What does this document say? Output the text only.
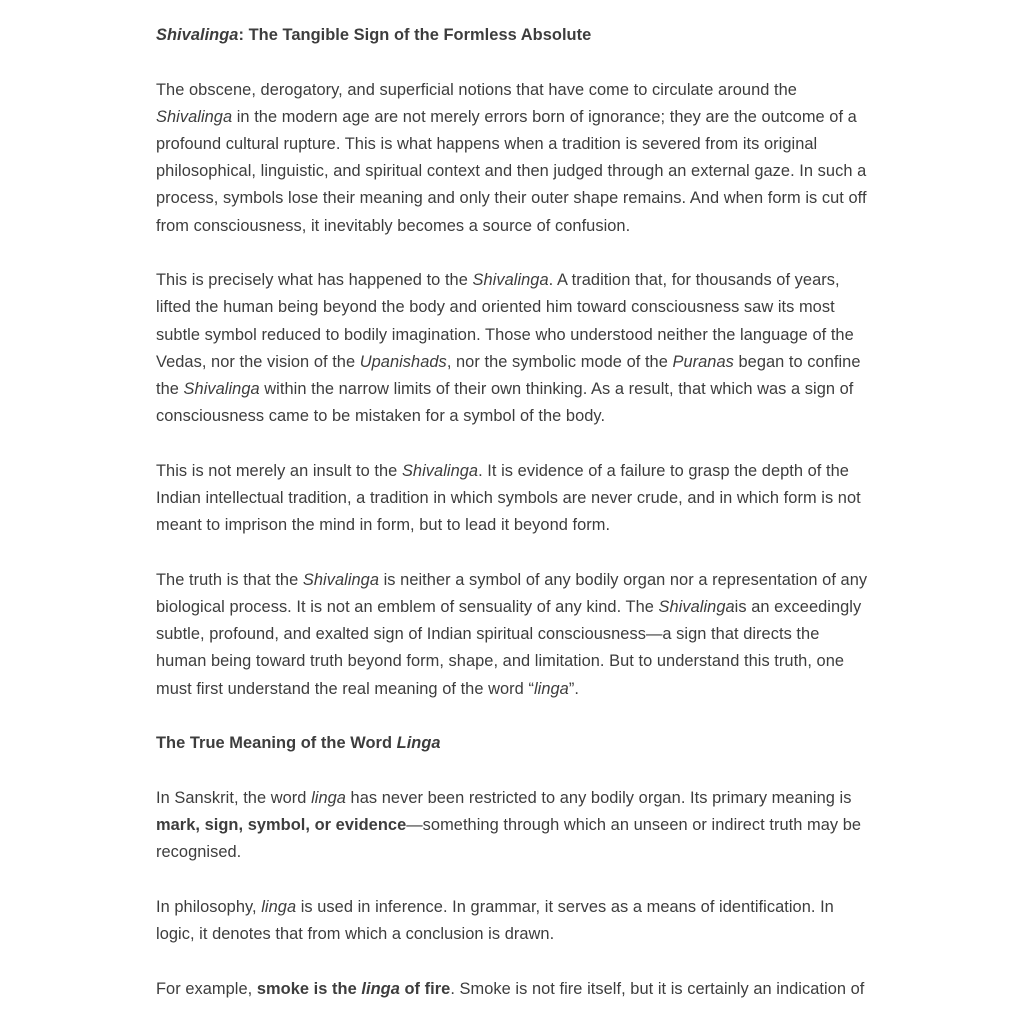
Shivalinga: The Tangible Sign of the Formless Absolute

The obscene, derogatory, and superficial notions that have come to circulate around the Shivalinga in the modern age are not merely errors born of ignorance; they are the outcome of a profound cultural rupture. This is what happens when a tradition is severed from its original philosophical, linguistic, and spiritual context and then judged through an external gaze. In such a process, symbols lose their meaning and only their outer shape remains. And when form is cut off from consciousness, it inevitably becomes a source of confusion.

This is precisely what has happened to the Shivalinga. A tradition that, for thousands of years, lifted the human being beyond the body and oriented him toward consciousness saw its most subtle symbol reduced to bodily imagination. Those who understood neither the language of the Vedas, nor the vision of the Upanishads, nor the symbolic mode of the Puranas began to confine the Shivalinga within the narrow limits of their own thinking. As a result, that which was a sign of consciousness came to be mistaken for a symbol of the body.

This is not merely an insult to the Shivalinga. It is evidence of a failure to grasp the depth of the Indian intellectual tradition, a tradition in which symbols are never crude, and in which form is not meant to imprison the mind in form, but to lead it beyond form.

The truth is that the Shivalinga is neither a symbol of any bodily organ nor a representation of any biological process. It is not an emblem of sensuality of any kind. The Shivalingais an exceedingly subtle, profound, and exalted sign of Indian spiritual consciousness—a sign that directs the human being toward truth beyond form, shape, and limitation. But to understand this truth, one must first understand the real meaning of the word “linga”.

The True Meaning of the Word Linga

In Sanskrit, the word linga has never been restricted to any bodily organ. Its primary meaning is mark, sign, symbol, or evidence—something through which an unseen or indirect truth may be recognised.

In philosophy, linga is used in inference. In grammar, it serves as a means of identification. In logic, it denotes that from which a conclusion is drawn.

For example, smoke is the linga of fire. Smoke is not fire itself, but it is certainly an indication of
